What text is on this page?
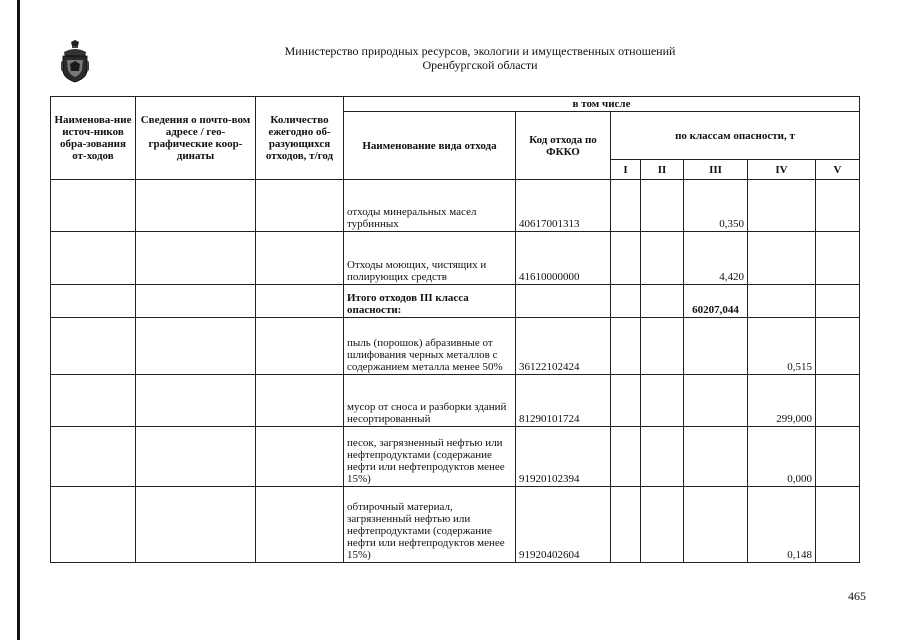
Министерство природных ресурсов, экологии и имущественных отношений
Оренбургской области
Наименова-ние источ-ников обра-зования от-ходов	Сведения о почто-вом адресе / гео-графические коор-динаты	Количество ежегодно об-разующихся отходов, т/год	в том числе						
			Наименование вида отхода	Код отхода по ФККО	по классам опасности, т				
					I	II	III	IV	V
			отходы минеральных масел турбинных	40617001313			0,350		
			Отходы моющих, чистящих и полирующих средств	41610000000			4,420		
			Итого отходов III класса опасности:				60207,044		
			пыль (порошок) абразивные от шлифования черных металлов с содержанием металла менее 50%	36122102424				0,515	
			мусор от сноса и разборки зданий несортированный	81290101724				299,000	
			песок, загрязненный нефтью или нефтепродуктами (содержание нефти или нефтепродуктов менее 15%)	91920102394				0,000	
			обтирочный материал, загрязненный нефтью или нефтепродуктами (содержание нефти или нефтепродуктов менее 15%)	91920402604				0,148	
465
